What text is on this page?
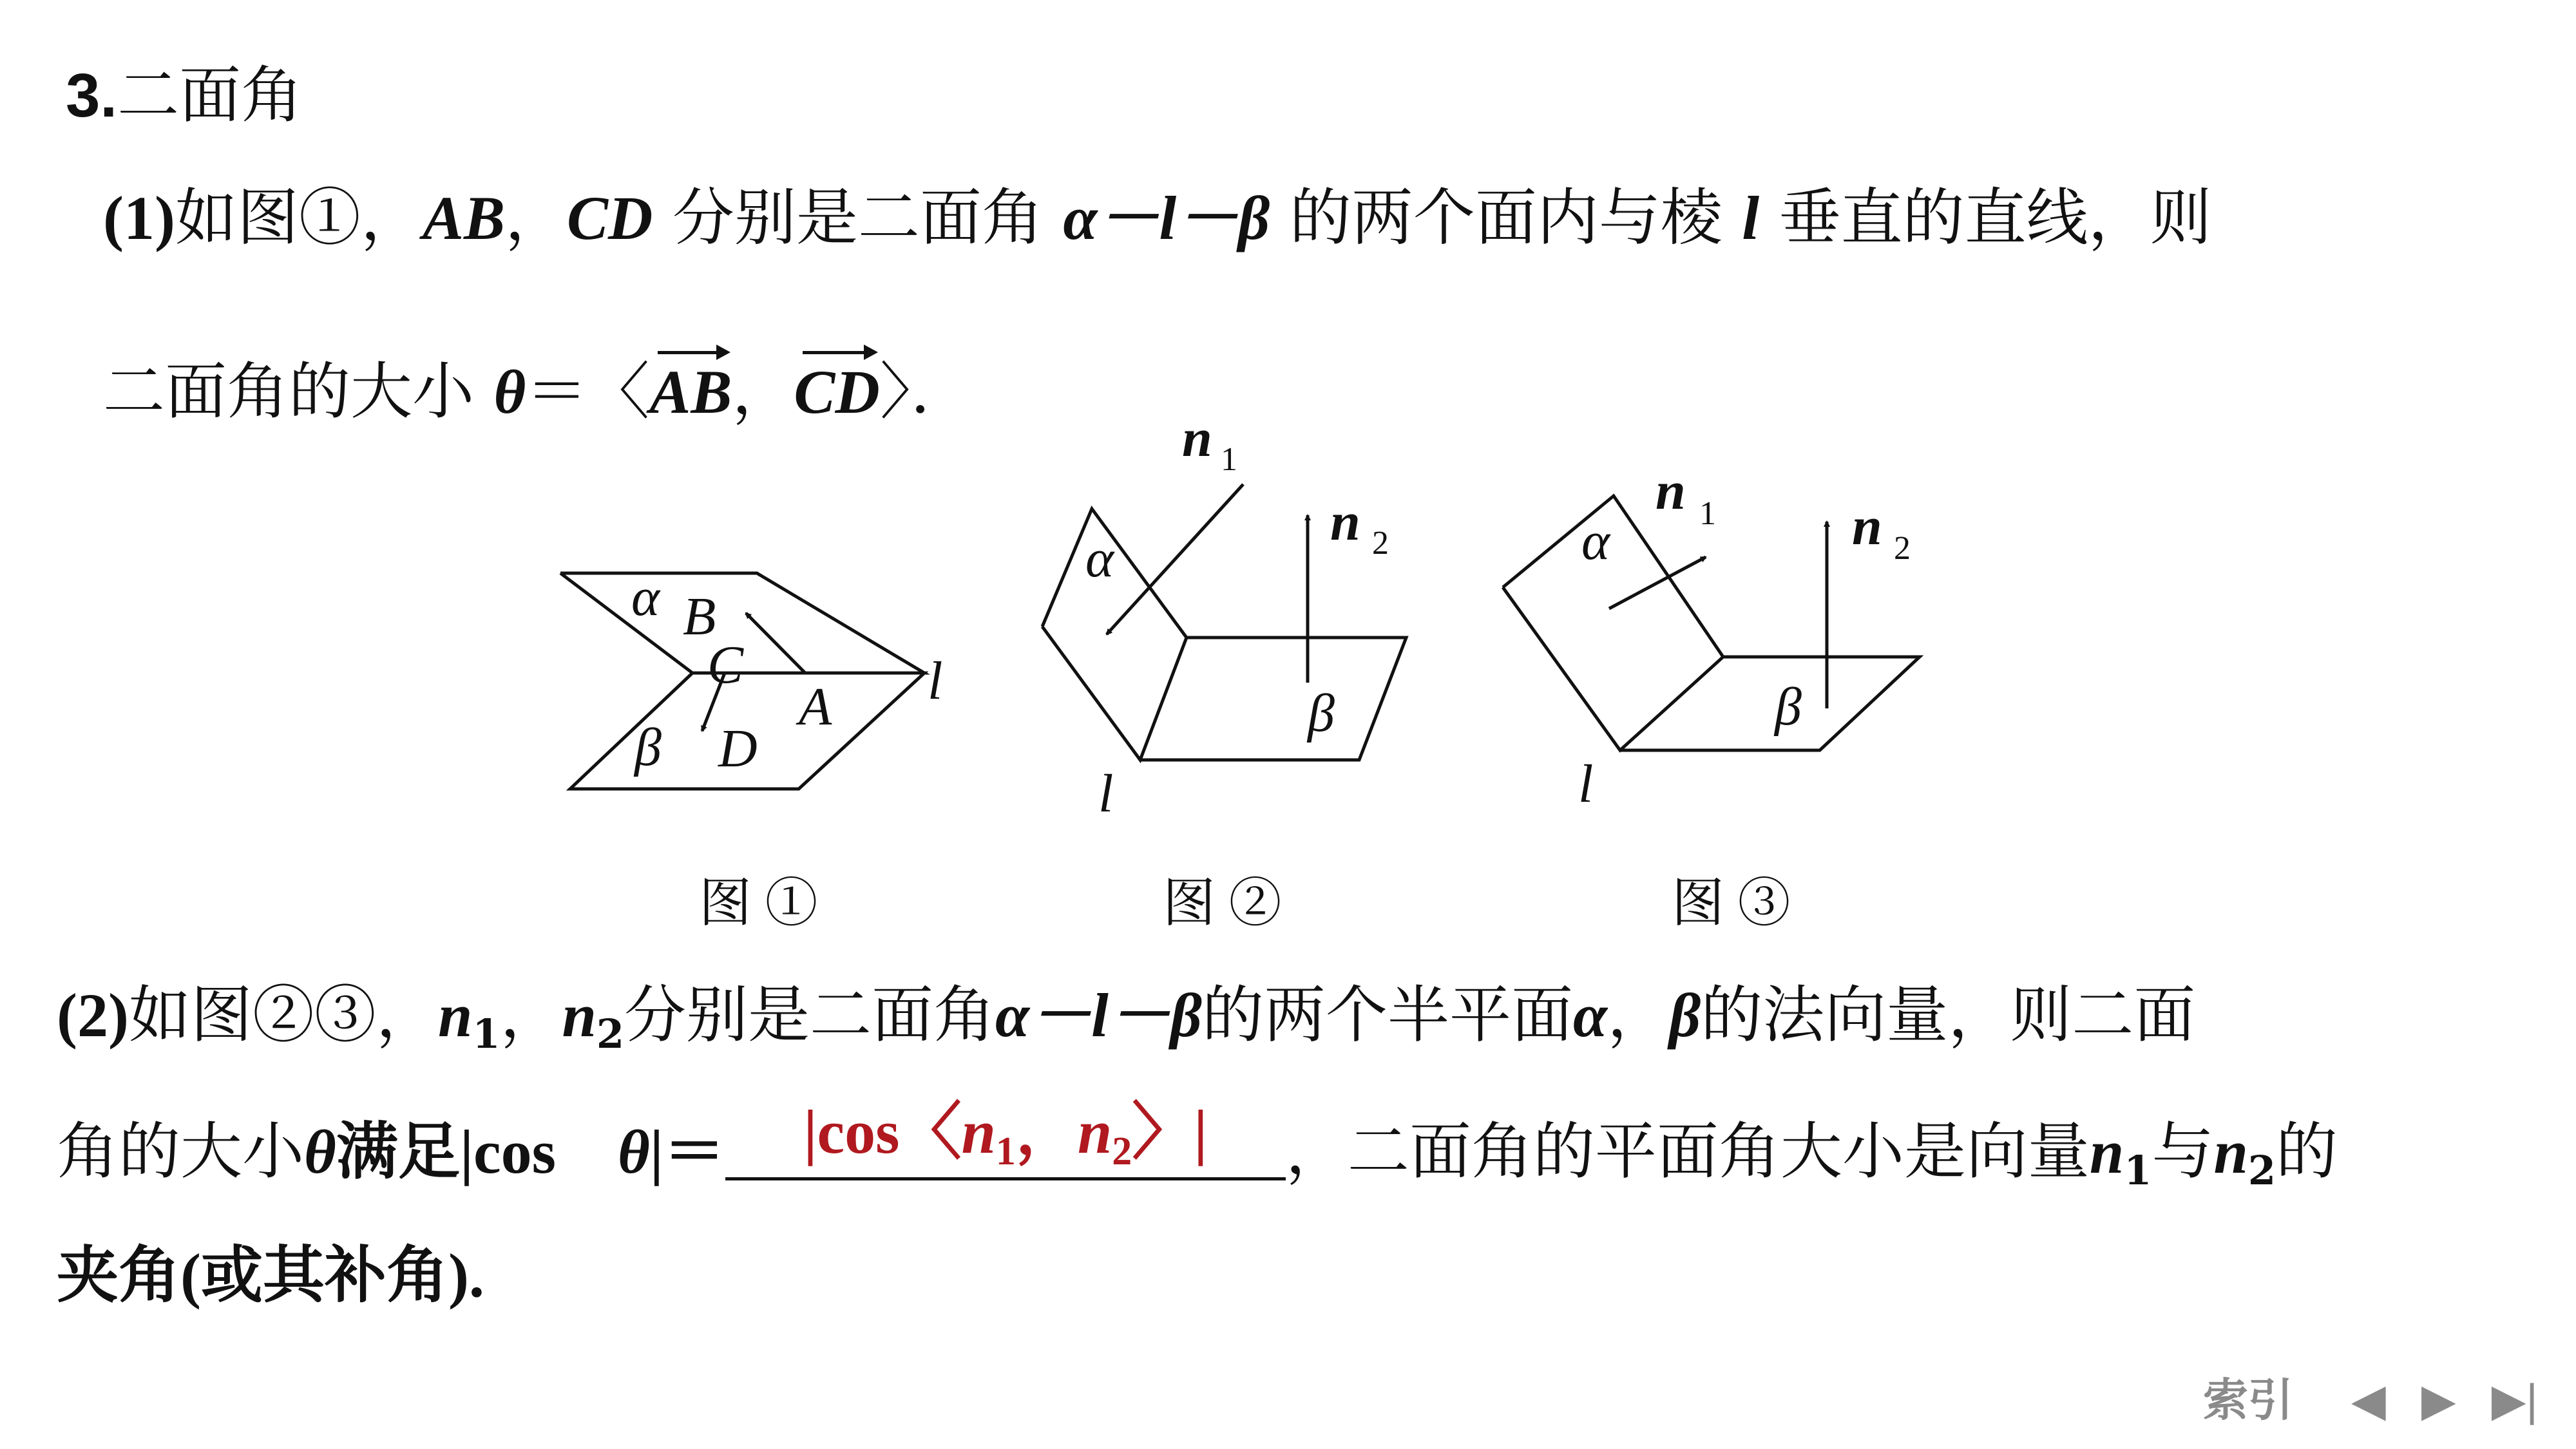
3.二面角
(1)如图①，AB，CD 分别是二面角 α－l－β 的两个面内与棱 l 垂直的直线，则
二面角的大小 θ＝〈AB，CD〉．
α B
C
A
β D
l
n 1
n 2
α
β
l
n 1	n 2
α
β
l
图 ①	图 ②	图 ③
(2)如图②③，$n_1$，$n_2$分别是二面角α－l－β的两个半平面α，β的法向量，则二面
角的大小θ满足|cos　θ|＝	|cos〈$n_1$，$n_2$〉|	，二面角的平面角大小是向量$n_1$与$n_2$的
夹角(或其补角).
索引 ◀ ▶ ▶|
